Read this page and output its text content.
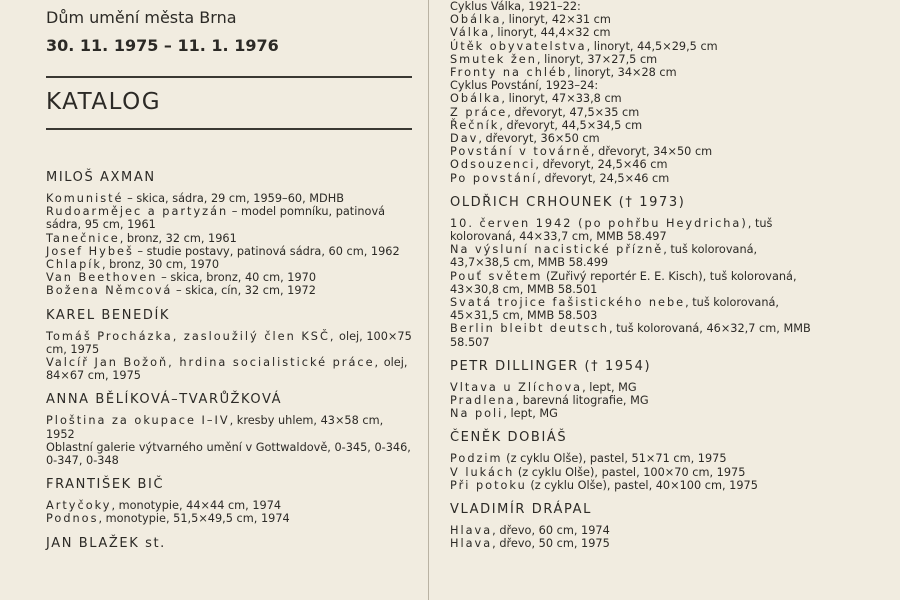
Dům umění města Brna
30. 11. 1975 – 11. 1. 1976
KATALOG
MILOŠ AXMAN
Komunisté – skica, sádra, 29 cm, 1959–60, MDHB
Rudoarmějec a partyzán – model pomníku, patinová sádra, 95 cm, 1961
Tanečnice, bronz, 32 cm, 1961
Josef Hybeš – studie postavy, patinová sádra, 60 cm, 1962
Chlapík, bronz, 30 cm, 1970
Van Beethoven – skica, bronz, 40 cm, 1970
Božena Němcová – skica, cín, 32 cm, 1972
KAREL BENEDÍK
Tomáš Procházka, zasloužilý člen KSČ, olej, 100×75 cm, 1975
Valcíř Jan Božoň, hrdina socialistické práce, olej, 84×67 cm, 1975
ANNA BĚLÍKOVÁ–TVARŮŽKOVÁ
Ploština za okupace I–IV, kresby uhlem, 43×58 cm, 1952
Oblastní galerie výtvarného umění v Gottwaldově, 0-345, 0-346, 0-347, 0-348
FRANTIŠEK BIČ
Artyčoky, monotypie, 44×44 cm, 1974
Podnos, monotypie, 51,5×49,5 cm, 1974
JAN BLAŽEK st.
Cyklus Válka, 1921–22:
Obálka, linoryt, 42×31 cm
Válka, linoryt, 44,4×32 cm
Útěk obyvatelstva, linoryt, 44,5×29,5 cm
Smutek žen, linoryt, 37×27,5 cm
Fronty na chléb, linoryt, 34×28 cm
Cyklus Povstání, 1923–24:
Obálka, linoryt, 47×33,8 cm
Z práce, dřevoryt, 47,5×35 cm
Řečník, dřevoryt, 44,5×34,5 cm
Dav, dřevoryt, 36×50 cm
Povstání v továrně, dřevoryt, 34×50 cm
Odsouzenci, dřevoryt, 24,5×46 cm
Po povstání, dřevoryt, 24,5×46 cm
OLDŘICH CRHOUNEK († 1973)
10. červen 1942 (po pohřbu Heydricha), tuš kolorovaná, 44×33,7 cm, MMB 58.497
Na výsluní nacistické přízně, tuš kolorovaná, 43,7×38,5 cm, MMB 58.499
Pouť světem (Zuřivý reportér E. E. Kisch), tuš kolorovaná, 43×30,8 cm, MMB 58.501
Svatá trojice fašistického nebe, tuš kolorovaná, 45×31,5 cm, MMB 58.503
Berlin bleibt deutsch, tuš kolorovaná, 46×32,7 cm, MMB 58.507
PETR DILLINGER († 1954)
Vltava u Zlíchova, lept, MG
Pradlena, barevná litografie, MG
Na poli, lept, MG
ČENĚK DOBIÁŠ
Podzim (z cyklu Olše), pastel, 51×71 cm, 1975
V lukách (z cyklu Olše), pastel, 100×70 cm, 1975
Při potoku (z cyklu Olše), pastel, 40×100 cm, 1975
VLADIMÍR DRÁPAL
Hlava, dřevo, 60 cm, 1974
Hlava, dřevo, 50 cm, 1975
